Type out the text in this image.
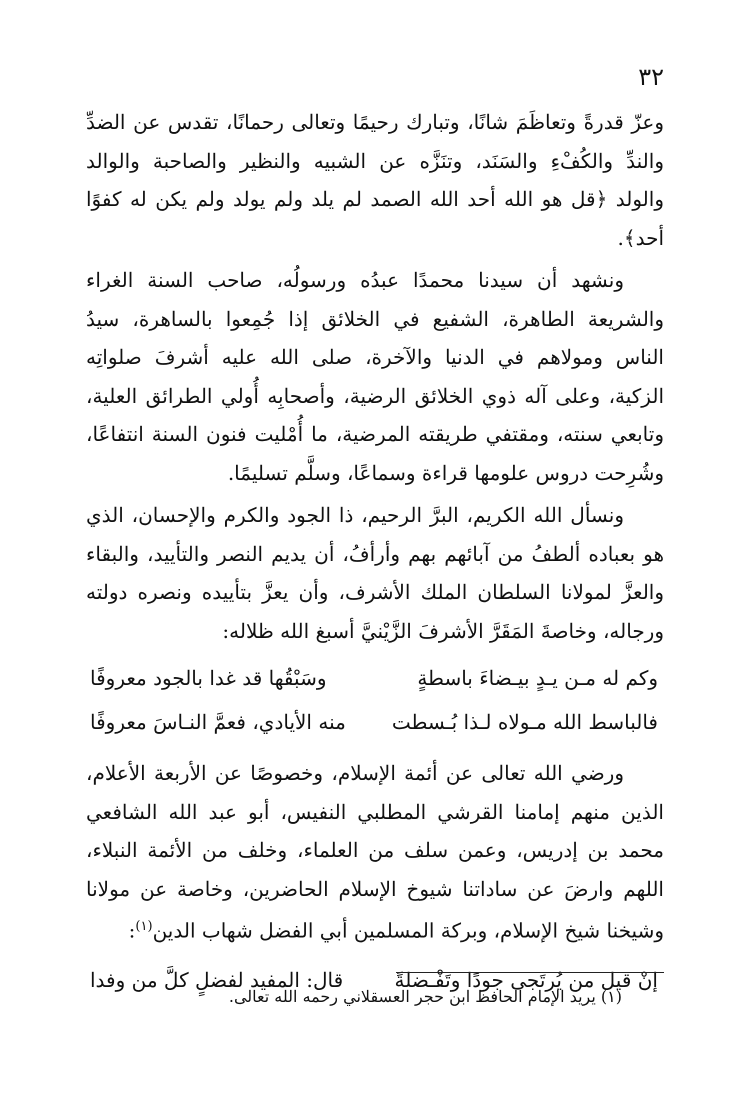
٣٢

وعزّ قدرةً وتعاظَمَ شانًا، وتبارك رحيمًا وتعالى رحمانًا، تقدس عن الضدِّ والندِّ والكُفْءِ والسَنَد، وتنَزَّه عن الشبيه والنظير والصاحبة والوالد والولد ﴿قل هو الله أحد الله الصمد لم يلد ولم يولد ولم يكن له كفوًا أحد﴾.

ونشهد أن سيدنا محمدًا عبدُه ورسولُه، صاحب السنة الغراء والشريعة الطاهرة، الشفيع في الخلائق إذا جُمِعوا بالساهرة، سيدُ الناس ومولاهم في الدنيا والآخرة، صلى الله عليه أشرفَ صلواتِه الزكية، وعلى آله ذوي الخلائق الرضية، وأصحابِه أُولي الطرائق العلية، وتابعي سنته، ومقتفي طريقته المرضية، ما أُمْليت فنون السنة انتفاعًا، وشُرِحت دروس علومها قراءة وسماعًا، وسلَّم تسليمًا.

ونسأل الله الكريم، البرَّ الرحيم، ذا الجود والكرم والإحسان، الذي هو بعباده ألطفُ من آبائهم بهم وأرأفُ، أن يديم النصر والتأييد، والبقاء والعزَّ لمولانا السلطان الملك الأشرف، وأن يعزَّ بتأييده ونصره دولته ورجاله، وخاصةَ المَقَرَّ الأشرفَ الزَّيْنيَّ أسبغ الله ظلاله:

وكم له مـن يـدٍ بيـضاءَ باسطةٍ
وسَبْقُها قد غدا بالجود معروفًا
فالباسط الله مـولاه لـذا بُـسطت
منه الأيادي، فعمَّ النـاسَ معروفًا

ورضي الله تعالى عن أئمة الإسلام، وخصوصًا عن الأربعة الأعلام، الذين منهم إمامنا القرشي المطلبي النفيس، أبو عبد الله الشافعي محمد بن إدريس، وعمن سلف من العلماء، وخلف من الأئمة النبلاء، اللهم وارضَ عن ساداتنا شيوخ الإسلام الحاضرين، وخاصة عن مولانا وشيخنا شيخ الإسلام، وبركة المسلمين أبي الفضل شهاب الدين$^{(١)}$:

إنْ قيل من يُرتَجى جودًا وتَفْـضلةً
قال: المفيد لفضلٍ كلَّ من وفدا
(١) يريد الإمام الحافظ ابن حجر العسقلاني رحمه الله تعالى.
